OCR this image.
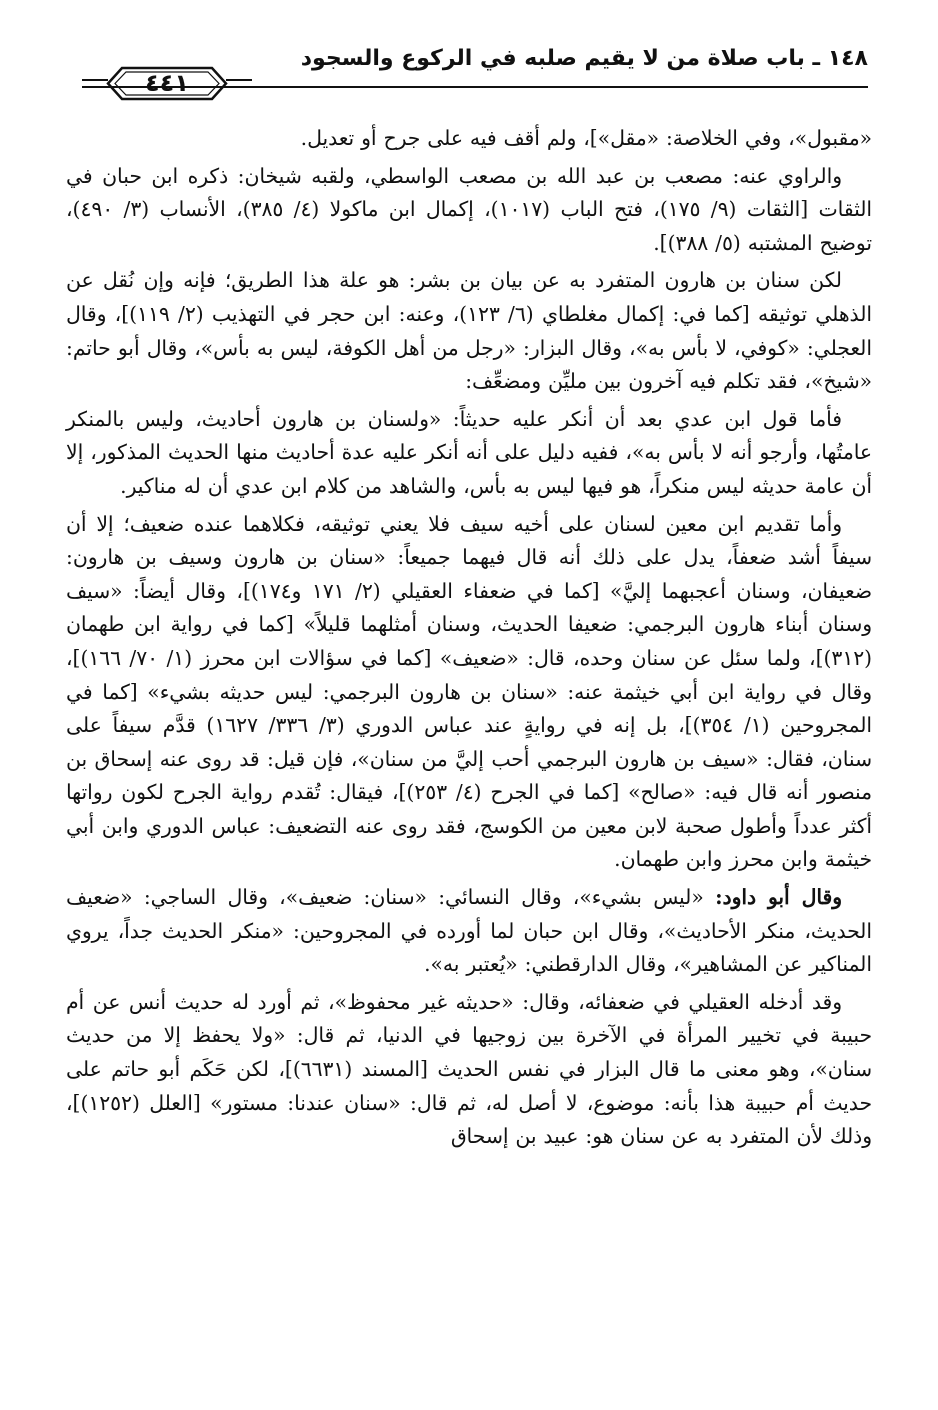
١٤٨ ـ باب صلاة من لا يقيم صلبه في الركوع والسجود
٤٤١

«مقبول»، وفي الخلاصة: «مقل»]، ولم أقف فيه على جرح أو تعديل.

والراوي عنه: مصعب بن عبد الله بن مصعب الواسطي، ولقبه شيخان: ذكره ابن حبان في الثقات [الثقات (٩/ ١٧٥)، فتح الباب (١٠١٧)، إكمال ابن ماكولا (٤/ ٣٨٥)، الأنساب (٣/ ٤٩٠)، توضيح المشتبه (٥/ ٣٨٨)].

لكن سنان بن هارون المتفرد به عن بيان بن بشر: هو علة هذا الطريق؛ فإنه وإن نُقل عن الذهلي توثيقه [كما في: إكمال مغلطاي (٦/ ١٢٣)، وعنه: ابن حجر في التهذيب (٢/ ١١٩)]، وقال العجلي: «كوفي، لا بأس به»، وقال البزار: «رجل من أهل الكوفة، ليس به بأس»، وقال أبو حاتم: «شيخ»، فقد تكلم فيه آخرون بين مليِّن ومضعِّف:

فأما قول ابن عدي بعد أن أنكر عليه حديثاً: «ولسنان بن هارون أحاديث، وليس بالمنكر عامتُها، وأرجو أنه لا بأس به»، ففيه دليل على أنه أنكر عليه عدة أحاديث منها الحديث المذكور، إلا أن عامة حديثه ليس منكراً، هو فيها ليس به بأس، والشاهد من كلام ابن عدي أن له مناكير.

وأما تقديم ابن معين لسنان على أخيه سيف فلا يعني توثيقه، فكلاهما عنده ضعيف؛ إلا أن سيفاً أشد ضعفاً، يدل على ذلك أنه قال فيهما جميعاً: «سنان بن هارون وسيف بن هارون: ضعيفان، وسنان أعجبهما إليَّ» [كما في ضعفاء العقيلي (٢/ ١٧١ و١٧٤)]، وقال أيضاً: «سيف وسنان أبناء هارون البرجمي: ضعيفا الحديث، وسنان أمثلهما قليلاً» [كما في رواية ابن طهمان (٣١٢)]، ولما سئل عن سنان وحده، قال: «ضعيف» [كما في سؤالات ابن محرز (١/ ٧٠/ ١٦٦)]، وقال في رواية ابن أبي خيثمة عنه: «سنان بن هارون البرجمي: ليس حديثه بشيء» [كما في المجروحين (١/ ٣٥٤)]، بل إنه في روايةٍ عند عباس الدوري (٣/ ٣٣٦/ ١٦٢٧) قدَّم سيفاً على سنان، فقال: «سيف بن هارون البرجمي أحب إليَّ من سنان»، فإن قيل: قد روى عنه إسحاق بن منصور أنه قال فيه: «صالح» [كما في الجرح (٤/ ٢٥٣)]، فيقال: تُقدم رواية الجرح لكون رواتها أكثر عدداً وأطول صحبة لابن معين من الكوسج، فقد روى عنه التضعيف: عباس الدوري وابن أبي خيثمة وابن محرز وابن طهمان.

وقال أبو داود: «ليس بشيء»، وقال النسائي: «سنان: ضعيف»، وقال الساجي: «ضعيف الحديث، منكر الأحاديث»، وقال ابن حبان لما أورده في المجروحين: «منكر الحديث جداً، يروي المناكير عن المشاهير»، وقال الدارقطني: «يُعتبر به».

وقد أدخله العقيلي في ضعفائه، وقال: «حديثه غير محفوظ»، ثم أورد له حديث أنس عن أم حبيبة في تخيير المرأة في الآخرة بين زوجيها في الدنيا، ثم قال: «ولا يحفظ إلا من حديث سنان»، وهو معنى ما قال البزار في نفس الحديث [المسند (٦٦٣١)]، لكن حَكَم أبو حاتم على حديث أم حبيبة هذا بأنه: موضوع، لا أصل له، ثم قال: «سنان عندنا: مستور» [العلل (١٢٥٢)]، وذلك لأن المتفرد به عن سنان هو: عبيد بن إسحاق
